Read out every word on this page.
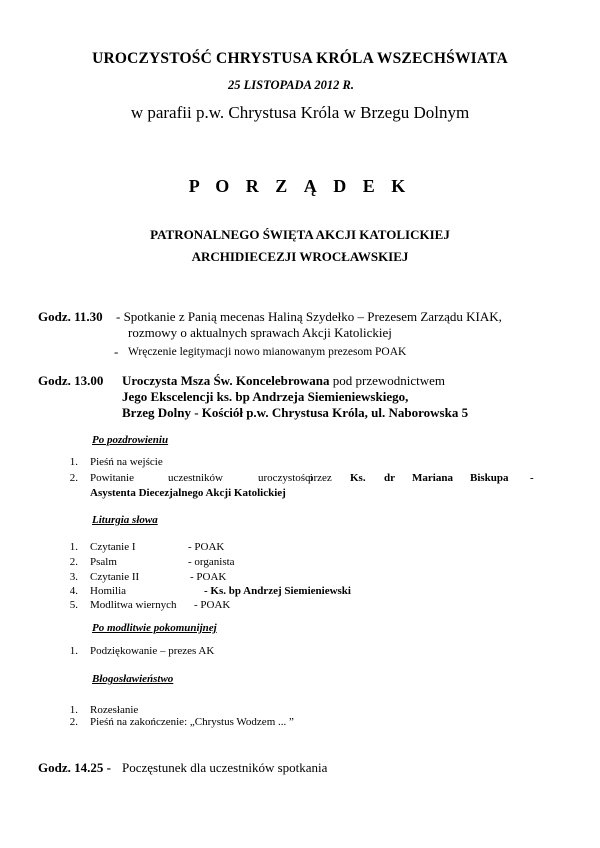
UROCZYSTOŚĆ CHRYSTUSA KRÓLA WSZECHŚWIATA
25 LISTOPADA 2012 R.
w parafii p.w. Chrystusa Króla w Brzegu Dolnym
P O R Z Ą D E K
PATRONALNEGO ŚWIĘTA AKCJI KATOLICKIEJ
ARCHIDIECEZJI WROCŁAWSKIEJ
Godz. 11.30 - Spotkanie z Panią mecenas Haliną Szydełko – Prezesem Zarządu KIAK,
rozmowy o aktualnych sprawach Akcji Katolickiej
- Wręczenie legitymacji nowo mianowanym prezesom POAK
Godz. 13.00 Uroczysta Msza Św. Koncelebrowana pod przewodnictwem
Jego Ekscelencji ks. bp Andrzeja Siemieniewskiego,
Brzeg Dolny - Kościół p.w. Chrystusa Króla, ul. Naborowska 5
Po pozdrowieniu
1. Pieśń na wejście
2. Powitanie	uczestników	uroczystości
przez Ks. dr Mariana Biskupa -
Asystenta Diecezjalnego Akcji Katolickiej
Liturgia słowa
1. Czytanie I	- POAK
2. Psalm	- organista
3. Czytanie II	- POAK
4. Homilia	- Ks. bp Andrzej Siemieniewski
5. Modlitwa wiernych - POAK
Po modlitwie pokomunijnej
1. Podziękowanie – prezes AK
Błogosławieństwo
1. Rozesłanie
2. Pieśń na zakończenie: „Chrystus Wodzem ... ”
Godz. 14.25 - Poczęstunek dla uczestników spotkania
